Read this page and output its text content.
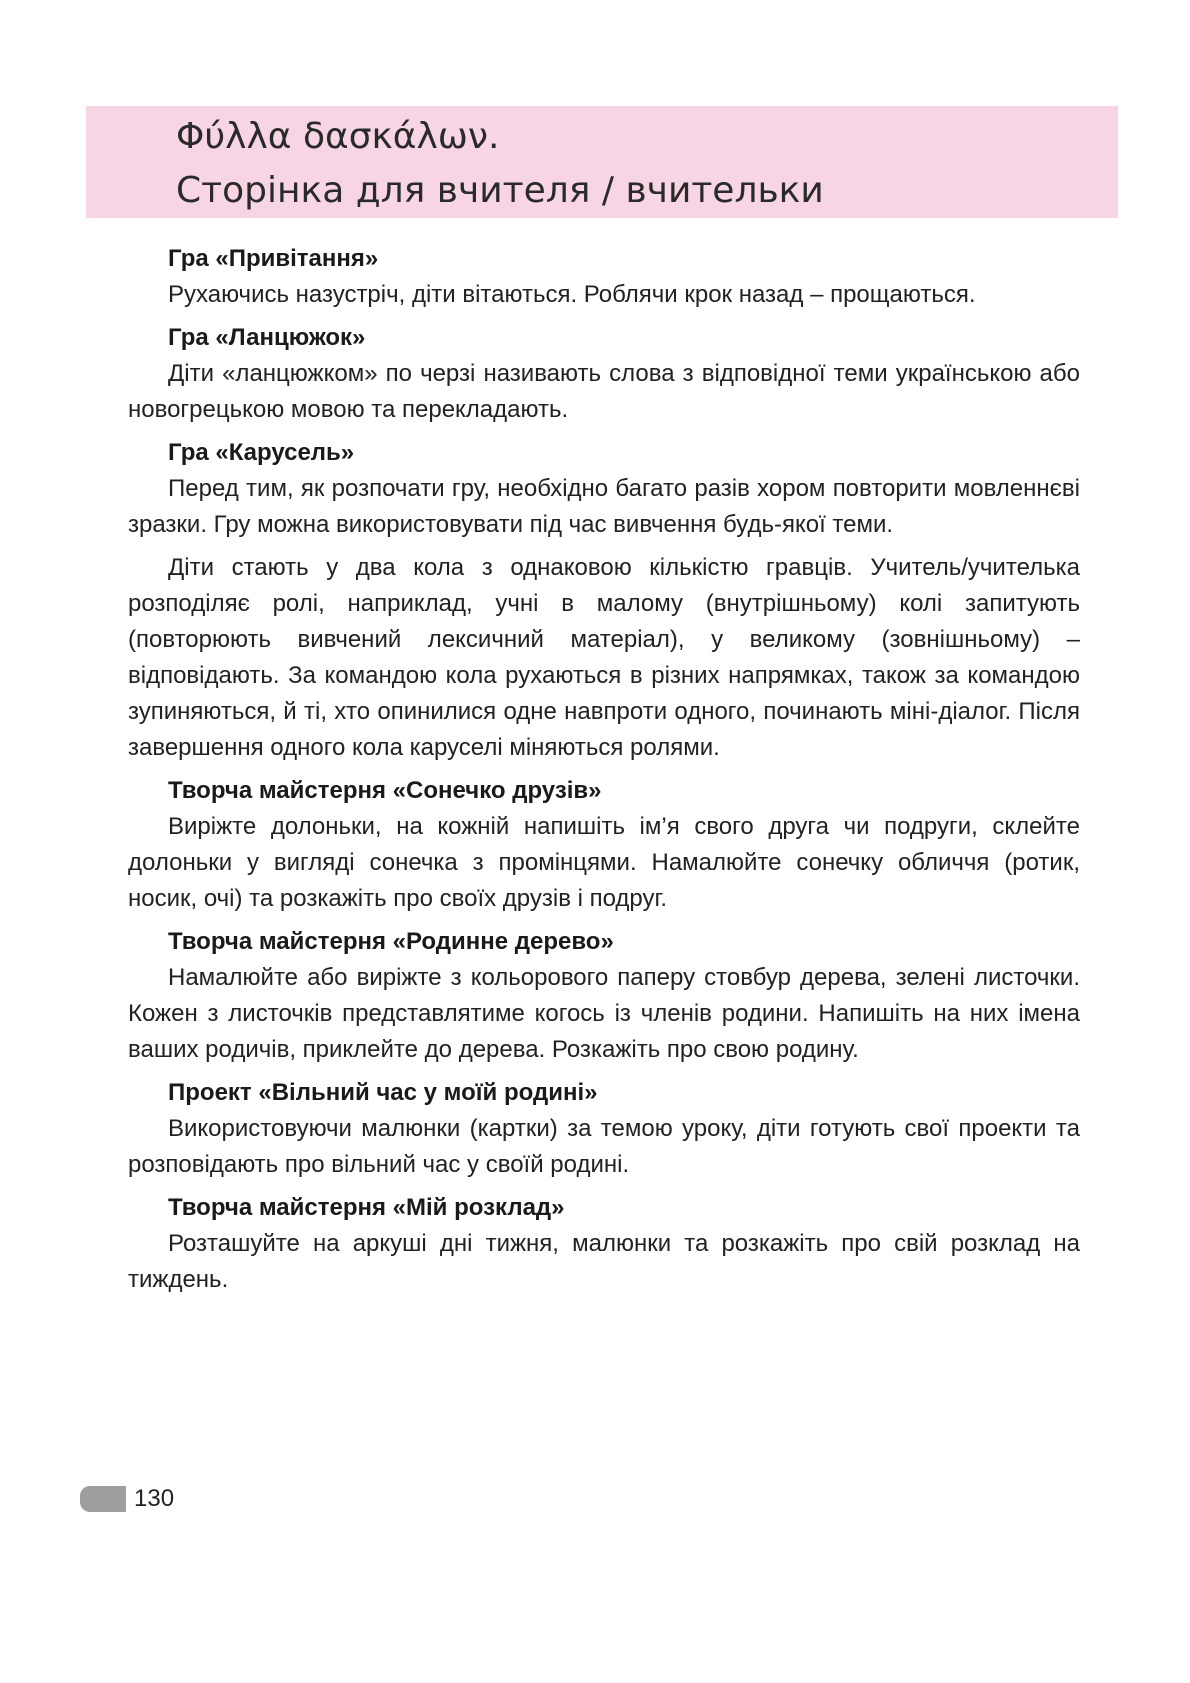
Φύλλα δασκάλων.
Сторінка для вчителя / вчительки
Гра «Привітання»

Рухаючись назустріч, діти вітаються. Роблячи крок назад – прощаються.

Гра «Ланцюжок»

Діти «ланцюжком» по черзі називають слова з відповідної теми українською або новогрецькою мовою та перекладають.

Гра «Карусель»

Перед тим, як розпочати гру, необхідно багато разів хором повторити мовленнєві зразки. Гру можна використовувати під час вивчення будь-якої теми.

Діти стають у два кола з однаковою кількістю гравців. Учитель/учителька розподіляє ролі, наприклад, учні в малому (внутрішньому) колі запитують (повторюють вивчений лексичний матеріал), у великому (зовнішньому) – відповідають. За командою кола рухаються в різних напрямках, також за командою зупиняються, й ті, хто опинилися одне навпроти одного, починають міні-діалог. Після завершення одного кола каруселі міняються ролями.

Творча майстерня «Сонечко друзів»

Виріжте долоньки, на кожній напишіть ім’я свого друга чи подруги, склейте долоньки у вигляді сонечка з промінцями. Намалюйте сонечку обличчя (ротик, носик, очі) та розкажіть про своїх друзів і подруг.

Творча майстерня «Родинне дерево»

Намалюйте або виріжте з кольорового паперу стовбур дерева, зелені листочки. Кожен з листочків представлятиме когось із членів родини. Напишіть на них імена ваших родичів, приклейте до дерева. Розкажіть про свою родину.

Проект «Вільний час у моїй родині»

Використовуючи малюнки (картки) за темою уроку, діти готують свої проекти та розповідають про вільний час у своїй родині.

Творча майстерня «Мій розклад»

Розташуйте на аркуші дні тижня, малюнки та розкажіть про свій розклад на тиждень.

130
